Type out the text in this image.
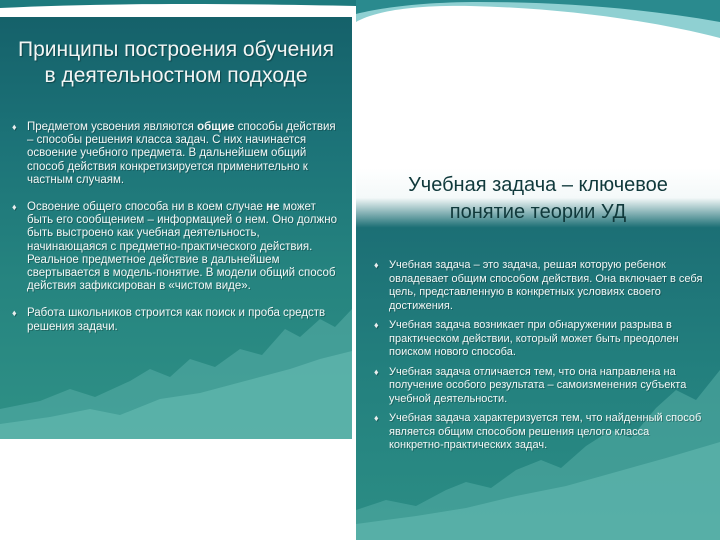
Принципы построения обучения
в деятельностном подходе
♦ Предметом усвоения являются общие способы действия – способы решения класса задач. С них начинается освоение учебного предмета. В дальнейшем общий способ действия конкретизируется применительно к частным случаям.
♦ Освоение общего способа ни в коем случае не может быть его сообщением – информацией о нем. Оно должно быть выстроено как учебная деятельность, начинающаяся с предметно-практического действия. Реальное предметное действие в дальнейшем свертывается в модель-понятие. В модели общий способ действия зафиксирован в «чистом виде».
♦ Работа школьников строится как поиск и проба средств решения задачи.
Учебная задача – ключевое
понятие теории УД
♦ Учебная задача – это задача, решая которую ребенок овладевает общим способом действия. Она включает в себя цель, представленную в конкретных условиях своего достижения.
♦ Учебная задача возникает при обнаружении разрыва в практическом действии, который может быть преодолен поиском нового способа.
♦ Учебная задача отличается тем, что она направлена на получение особого результата – самоизменения субъекта учебной деятельности.
♦ Учебная задача характеризуется тем, что найденный способ является общим способом решения целого класса конкретно-практических задач.
